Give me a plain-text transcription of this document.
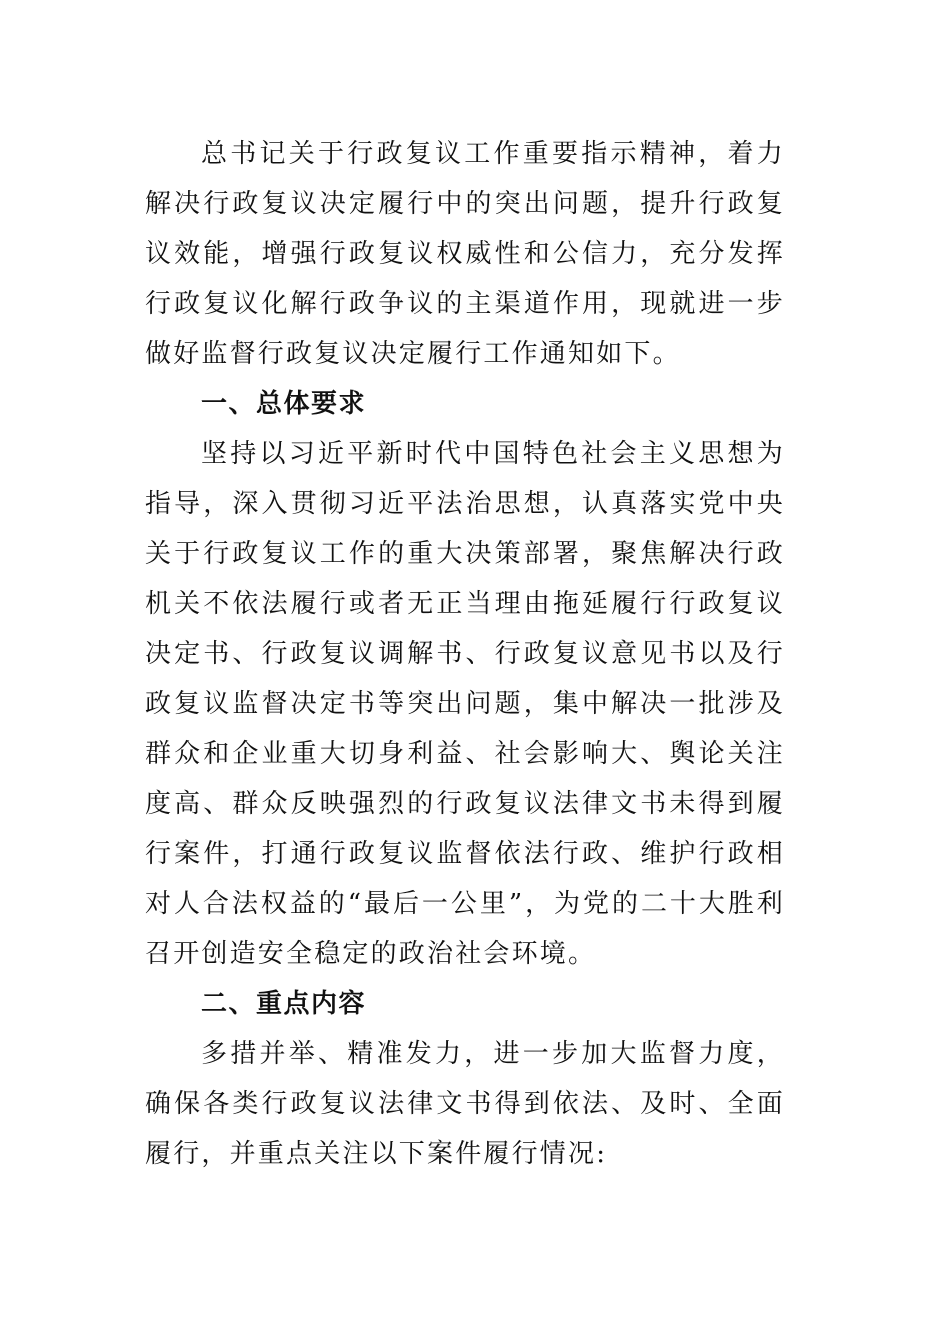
总书记关于行政复议工作重要指示精神，着力解决行政复议决定履行中的突出问题，提升行政复议效能，增强行政复议权威性和公信力，充分发挥行政复议化解行政争议的主渠道作用，现就进一步做好监督行政复议决定履行工作通知如下。

一、总体要求

坚持以习近平新时代中国特色社会主义思想为指导，深入贯彻习近平法治思想，认真落实党中央关于行政复议工作的重大决策部署，聚焦解决行政机关不依法履行或者无正当理由拖延履行行政复议决定书、行政复议调解书、行政复议意见书以及行政复议监督决定书等突出问题，集中解决一批涉及群众和企业重大切身利益、社会影响大、舆论关注度高、群众反映强烈的行政复议法律文书未得到履行案件，打通行政复议监督依法行政、维护行政相对人合法权益的“最后一公里”，为党的二十大胜利召开创造安全稳定的政治社会环境。

二、重点内容

多措并举、精准发力，进一步加大监督力度，确保各类行政复议法律文书得到依法、及时、全面履行，并重点关注以下案件履行情况:
